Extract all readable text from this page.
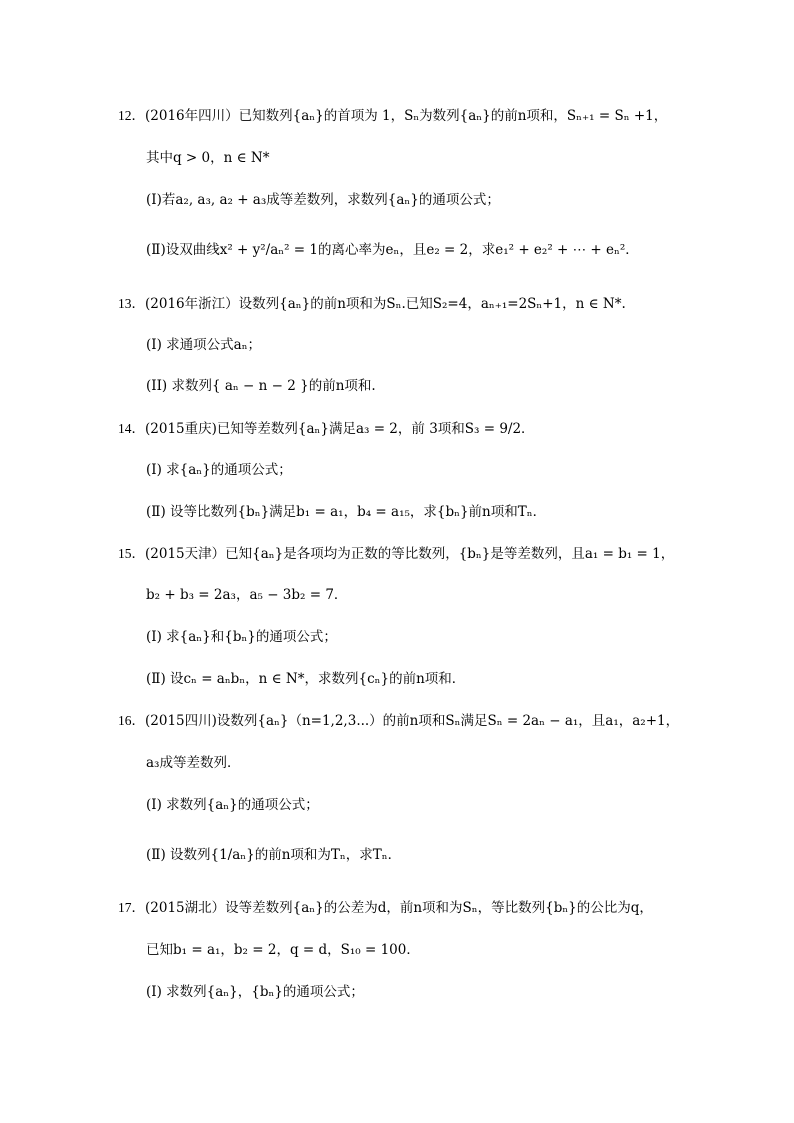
12．(2016年四川）已知数列{aₙ}的首项为 1，Sₙ为数列{aₙ}的前n项和，Sₙ₊₁ = Sₙ +1，
其中q > 0，n ∈ N*
(Ⅰ)若a₂, a₃, a₂ + a₃成等差数列，求数列{aₙ}的通项公式；
(Ⅱ)设双曲线x² + y²/aₙ² = 1的离心率为eₙ，且e₂ = 2，求e₁² + e₂² + ⋯ + eₙ²．
13．(2016年浙江）设数列{aₙ}的前n项和为Sₙ.已知S₂=4，aₙ₊₁=2Sₙ+1，n ∈ N*.
(I) 求通项公式aₙ；
(II) 求数列{ aₙ − n − 2 }的前n项和.
14．(2015重庆)已知等差数列{aₙ}满足a₃ = 2，前 3项和S₃ = 9/2．
(Ⅰ) 求{aₙ}的通项公式；
(Ⅱ) 设等比数列{bₙ}满足b₁ = a₁，b₄ = a₁₅，求{bₙ}前n项和Tₙ．
15．(2015天津）已知{aₙ}是各项均为正数的等比数列，{bₙ}是等差数列，且a₁ = b₁ = 1，
b₂ + b₃ = 2a₃，a₅ − 3b₂ = 7．
(Ⅰ) 求{aₙ}和{bₙ}的通项公式；
(Ⅱ) 设cₙ = aₙbₙ，n ∈ N*，求数列{cₙ}的前n项和．
16．(2015四川)设数列{aₙ}（n=1,2,3...）的前n项和Sₙ满足Sₙ = 2aₙ − a₁，且a₁，a₂+1，
a₃成等差数列．
(Ⅰ) 求数列{aₙ}的通项公式；
(Ⅱ) 设数列{1/aₙ}的前n项和为Tₙ，求Tₙ．
17．(2015湖北）设等差数列{aₙ}的公差为d，前n项和为Sₙ，等比数列{bₙ}的公比为q，
已知b₁ = a₁，b₂ = 2，q = d，S₁₀ = 100．
(Ⅰ) 求数列{aₙ}，{bₙ}的通项公式；
